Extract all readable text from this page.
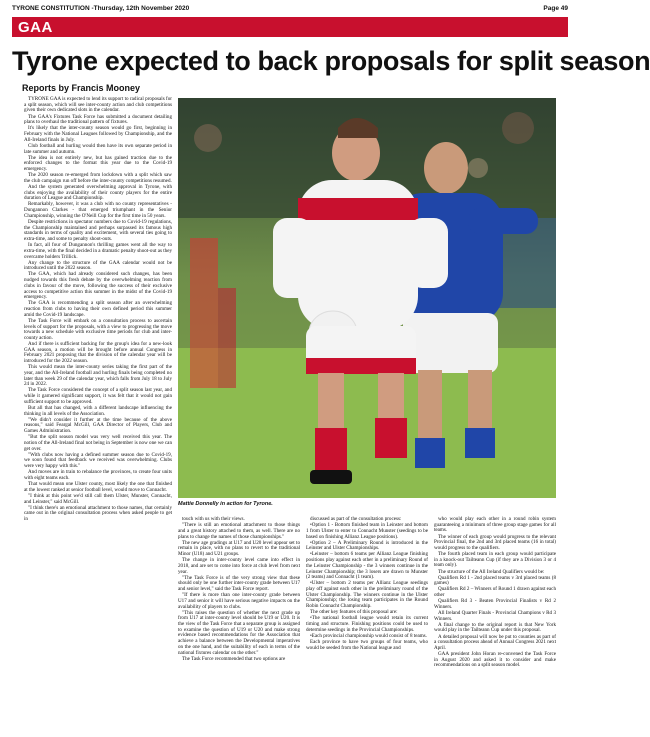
TYRONE CONSTITUTION -Thursday, 12th November 2020	Page 49
GAA
Tyrone expected to back proposals for split season
Reports by Francis Mooney

TYRONE GAA is expected to lend its support to radical proposals for a split season, which will see inter-county action and club competitions given their own dedicated slots in the calendar.

The GAA's Fixtures Task Force has submitted a document detailing plans to overhaul the traditional pattern of fixtures.

It's likely that the inter-county season would go first, beginning in February with the National Leagues followed by Championship, and the All-Ireland finals in July.

Club football and hurling would then have its own separate period in late summer and autumn.

The idea is not entirely new, but has gained traction due to the enforced changes to the format this year due to the Covid-19 emergency.

The 2020 season re-emerged from lockdown with a split which saw the club campaign run off before the inter-county competitions resumed.

And the system generated overwhelming approval in Tyrone, with clubs enjoying the availability of their county players for the entire duration of League and Championship.

Remarkably, however, it was a club with no county representatives - Dungannon Clarkes - that emerged triumphant in the Senior Championship, winning the O'Neill Cup for the first time in 50 years.

Despite restrictions in spectator numbers due to Covid-19 regulations, the Championship maintained and perhaps surpassed its famous high standards in terms of quality and excitement, with several ties going to extra-time, and some to penalty shoot-outs.

In fact, all four of Dungannon's thrilling games went all the way to extra-time, with the final decided in a dramatic penalty shoot-out as they overcame holders Trillick.

Any change to the structure of the GAA calendar would not be introduced until the 2022 season.

The GAA, which had already considered such changes, has been nudged towards this fresh debate by the overwhelming reaction from clubs in favour of the move, following the success of their exclusive access to competitive action this summer in the midst of the Covid-19 emergency.

The GAA is recommending a split season after an overwhelming reaction from clubs to having their own defined period this summer amid the Covid-19 landscape.

The Task Force will embark on a consultation process to ascertain levels of support for the proposals, with a view to progressing the move towards a new schedule with exclusive time periods for club and inter-county action.

And if there is sufficient backing for the group's idea for a new-look GAA season, a motion will be brought before annual Congress in February 2021 proposing that the division of the calendar year will be introduced for the 2022 season.

This would mean the inter-county series taking the first part of the year, and the All-Ireland football and hurling finals being completed no later than week 29 of the calendar year, which falls from July 18 to July 24 in 2022.

The Task Force considered the concept of a split season last year, and while it garnered significant support, it was felt that it would not gain sufficient support to be approved.

But all that has changed, with a different landscape influencing the thinking in all levels of the Association.

"We didn't consider it further at the time because of the above reasons," said Feargal McGill, GAA Director of Players, Club and Games Administration.

"But the split season model was very well received this year. The notion of the All-Ireland final not being in September is now one we can get over.

"With clubs now having a defined summer season due to Covid-19, we soon found that feedback we received was overwhelming. Clubs were very happy with this."

And moves are in train to rebalance the provinces, to create four units with eight teams each.

That would mean one Ulster county, most likely the one that finished at the lowest ranked at senior football level, would move to Connacht.

"I think at this point we'd still call them Ulster, Munster, Connacht, and Leinster," said McGill.

"I think there's an emotional attachment to those names, that certainly came out in the original consultation process when asked people to get in

Mattie Donnelly in action for Tyrone.

touch with us with their views.

"There is still an emotional attachment to those things and a great history attached to them, as well. There are no plans to change the names of those championships."

The new age gradings at U17 and U20 level appear set to remain in place, with no plans to revert to the traditional Minor (U18) and U21 groups.

The change in inter-county level came into effect in 2018, and are set to come into force at club level from next year.

"The Task Force is of the very strong view that these should only be one further inter-county grade between U17 and senior level," said the Task Force report.

"If there is more than one inter-county grade between U17 and senior it will have serious negative impacts on the availability of players to clubs.

"This raises the question of whether the next grade up from U17 at inter-county level should be U19 or U20. It is the view of the Task Force that a separate group is assigned to examine the question of U19 or U20 and make strong evidence based recommendations for the Association that achieve a balance between the Developmental imperatives on the one hand, and the suitability of each in terms of the national fixtures calendar on the other."

The Task Force recommended that two options are

discussed as part of the consultation process:

•Option 1 - Bottom finished team in Leinster and bottom 1 from Ulster to enter to Connacht Munster (seedings to be based on finishing Allianz League positions).

•Option 2 – A Preliminary Round is introduced in the Leinster and Ulster Championships.

•Leinster – bottom 6 teams per Allianz League finishing positions play against each other in a preliminary Round of the Leinster Championship - the 3 winners continue in the Leinster Championship; the 3 losers are drawn to Munster (2 teams) and Connacht (1 team).

•Ulster – bottom 2 teams per Allianz League seedings play off against each other in the preliminary round of the Ulster Championship. The winners continue in the Ulster Championship; the losing team participates in the Round Robin Connacht Championship.

The other key features of this proposal are:

•The national football league would retain its current timing and structure. Finishing positions could be used to determine seedings in the Provincial Championships.

•Each provincial championship would consist of 8 teams.

Each province to have two groups of four teams, who would be seeded from the National league and

who would play each other in a round robin system guaranteeing a minimum of three group stage games for all teams.

The winner of each group would progress to the relevant Provincial final, the 2nd and 3rd placed teams (16 in total) would progress to the qualifiers.

The fourth placed team in each group would participate in a knock-out Tailteann Cup (if they are a Division 3 or 4 team only).

The structure of the All Ireland Qualifiers would be:

Qualifiers Rd 1 - 2nd placed teams v 3rd placed teams (8 games)

Qualifiers Rd 2 – Winners of Round 1 drawn against each other

Qualifiers Rd 3 - Beaten Provincial Finalists v Rd 2 Winners.

All Ireland Quarter Finals - Provincial Champions v Rd 3 Winners.

A final change to the original report is that New York would play in the Tailteann Cup under this proposal.

A detailed proposal will now be put to counties as part of a consultation process ahead of Annual Congress 2021 next April.

GAA president John Horan re-convened the Task Force in August 2020 and asked it to consider and make recommendations on a split season model.
